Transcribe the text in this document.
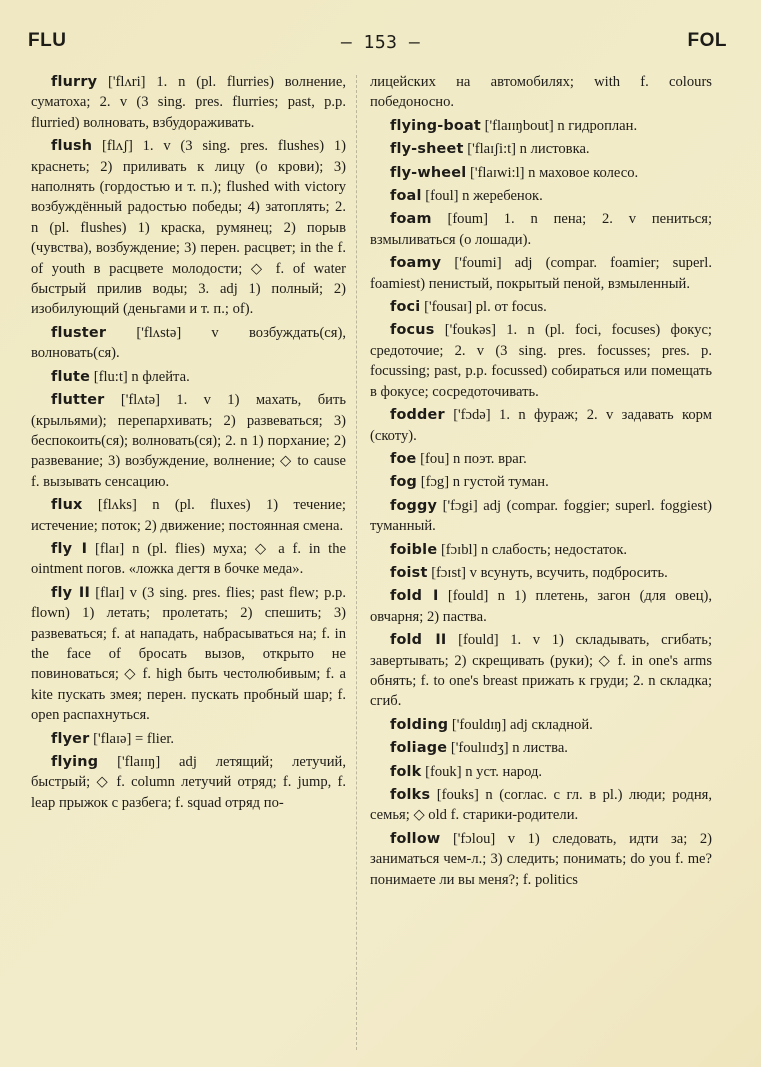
FLU	— 153 —	FOL

flurry ['flʌri] 1. n (pl. flurries) волнение, суматоха; 2. v (3 sing. pres. flurries; past, p.p. flurried) волновать, взбудораживать.

flush [flʌʃ] 1. v (3 sing. pres. flushes) 1) краснеть; 2) приливать к лицу (о крови); 3) наполнять (гордостью и т. п.); flushed with victory возбуждённый радостью победы; 4) затоплять; 2. n (pl. flushes) 1) краска, румянец; 2) порыв (чувства), возбуждение; 3) перен. расцвет; in the f. of youth в расцвете молодости; ◇ f. of water быстрый прилив воды; 3. adj 1) полный; 2) изобилующий (деньгами и т. п.; of).

fluster ['flʌstə] v возбуждать(ся), волновать(ся).

flute [flu:t] n флейта.

flutter ['flʌtə] 1. v 1) махать, бить (крыльями); перепархивать; 2) развеваться; 3) беспокоить(ся); волновать(ся); 2. n 1) порхание; 2) развевание; 3) возбуждение, волнение; ◇ to cause f. вызывать сенсацию.

flux [flʌks] n (pl. fluxes) 1) течение; истечение; поток; 2) движение; постоянная смена.

fly I [flaɪ] n (pl. flies) муха; ◇ a f. in the ointment погов. «ложка дегтя в бочке меда».

fly II [flaɪ] v (3 sing. pres. flies; past flew; p.p. flown) 1) летать; пролетать; 2) спешить; 3) развеваться; f. at нападать, набрасываться на; f. in the face of бросать вызов, открыто не повиноваться; ◇ f. high быть честолюбивым; f. a kite пускать змея; перен. пускать пробный шар; f. open распахнуться.

flyer ['flaɪə] = flier.

flying ['flaɪɪŋ] adj летящий; летучий, быстрый; ◇ f. column летучий отряд; f. jump, f. leap прыжок с разбега; f. squad отряд по-

лицейских на автомобилях; with f. colours победоносно.

flying-boat ['flaɪɪŋbout] n гидроплан.

fly-sheet ['flaɪʃi:t] n листовка.

fly-wheel ['flaɪwi:l] n маховое колесо.

foal [foul] n жеребенок.

foam [foum] 1. n пена; 2. v пениться; взмыливаться (о лошади).

foamy ['foumi] adj (compar. foamier; superl. foamiest) пенистый, покрытый пеной, взмыленный.

foci ['fousaɪ] pl. от focus.

focus ['foukəs] 1. n (pl. foci, focuses) фокус; средоточие; 2. v (3 sing. pres. focusses; pres. p. focussing; past, p.p. focussed) собираться или помещать в фокусе; сосредоточивать.

fodder ['fɔdə] 1. n фураж; 2. v задавать корм (скоту).

foe [fou] n поэт. враг.

fog [fɔg] n густой туман.

foggy ['fɔgi] adj (compar. foggier; superl. foggiest) туманный.

foible [fɔɪbl] n слабость; недостаток.

foist [fɔɪst] v всунуть, всучить, подбросить.

fold I [fould] n 1) плетень, загон (для овец), овчарня; 2) паства.

fold II [fould] 1. v 1) складывать, сгибать; завертывать; 2) скрещивать (руки); ◇ f. in one's arms обнять; f. to one's breast прижать к груди; 2. n складка; сгиб.

folding ['fouldɪŋ] adj складной.

foliage ['foulɪɪdʒ] n листва.

folk [fouk] n уст. народ.

folks [fouks] n (соглас. с гл. в pl.) люди; родня, семья; ◇ old f. старики-родители.

follow ['fɔlou] v 1) следовать, идти за; 2) заниматься чем-л.; 3) следить; понимать; do you f. me? понимаете ли вы меня?; f. politics
